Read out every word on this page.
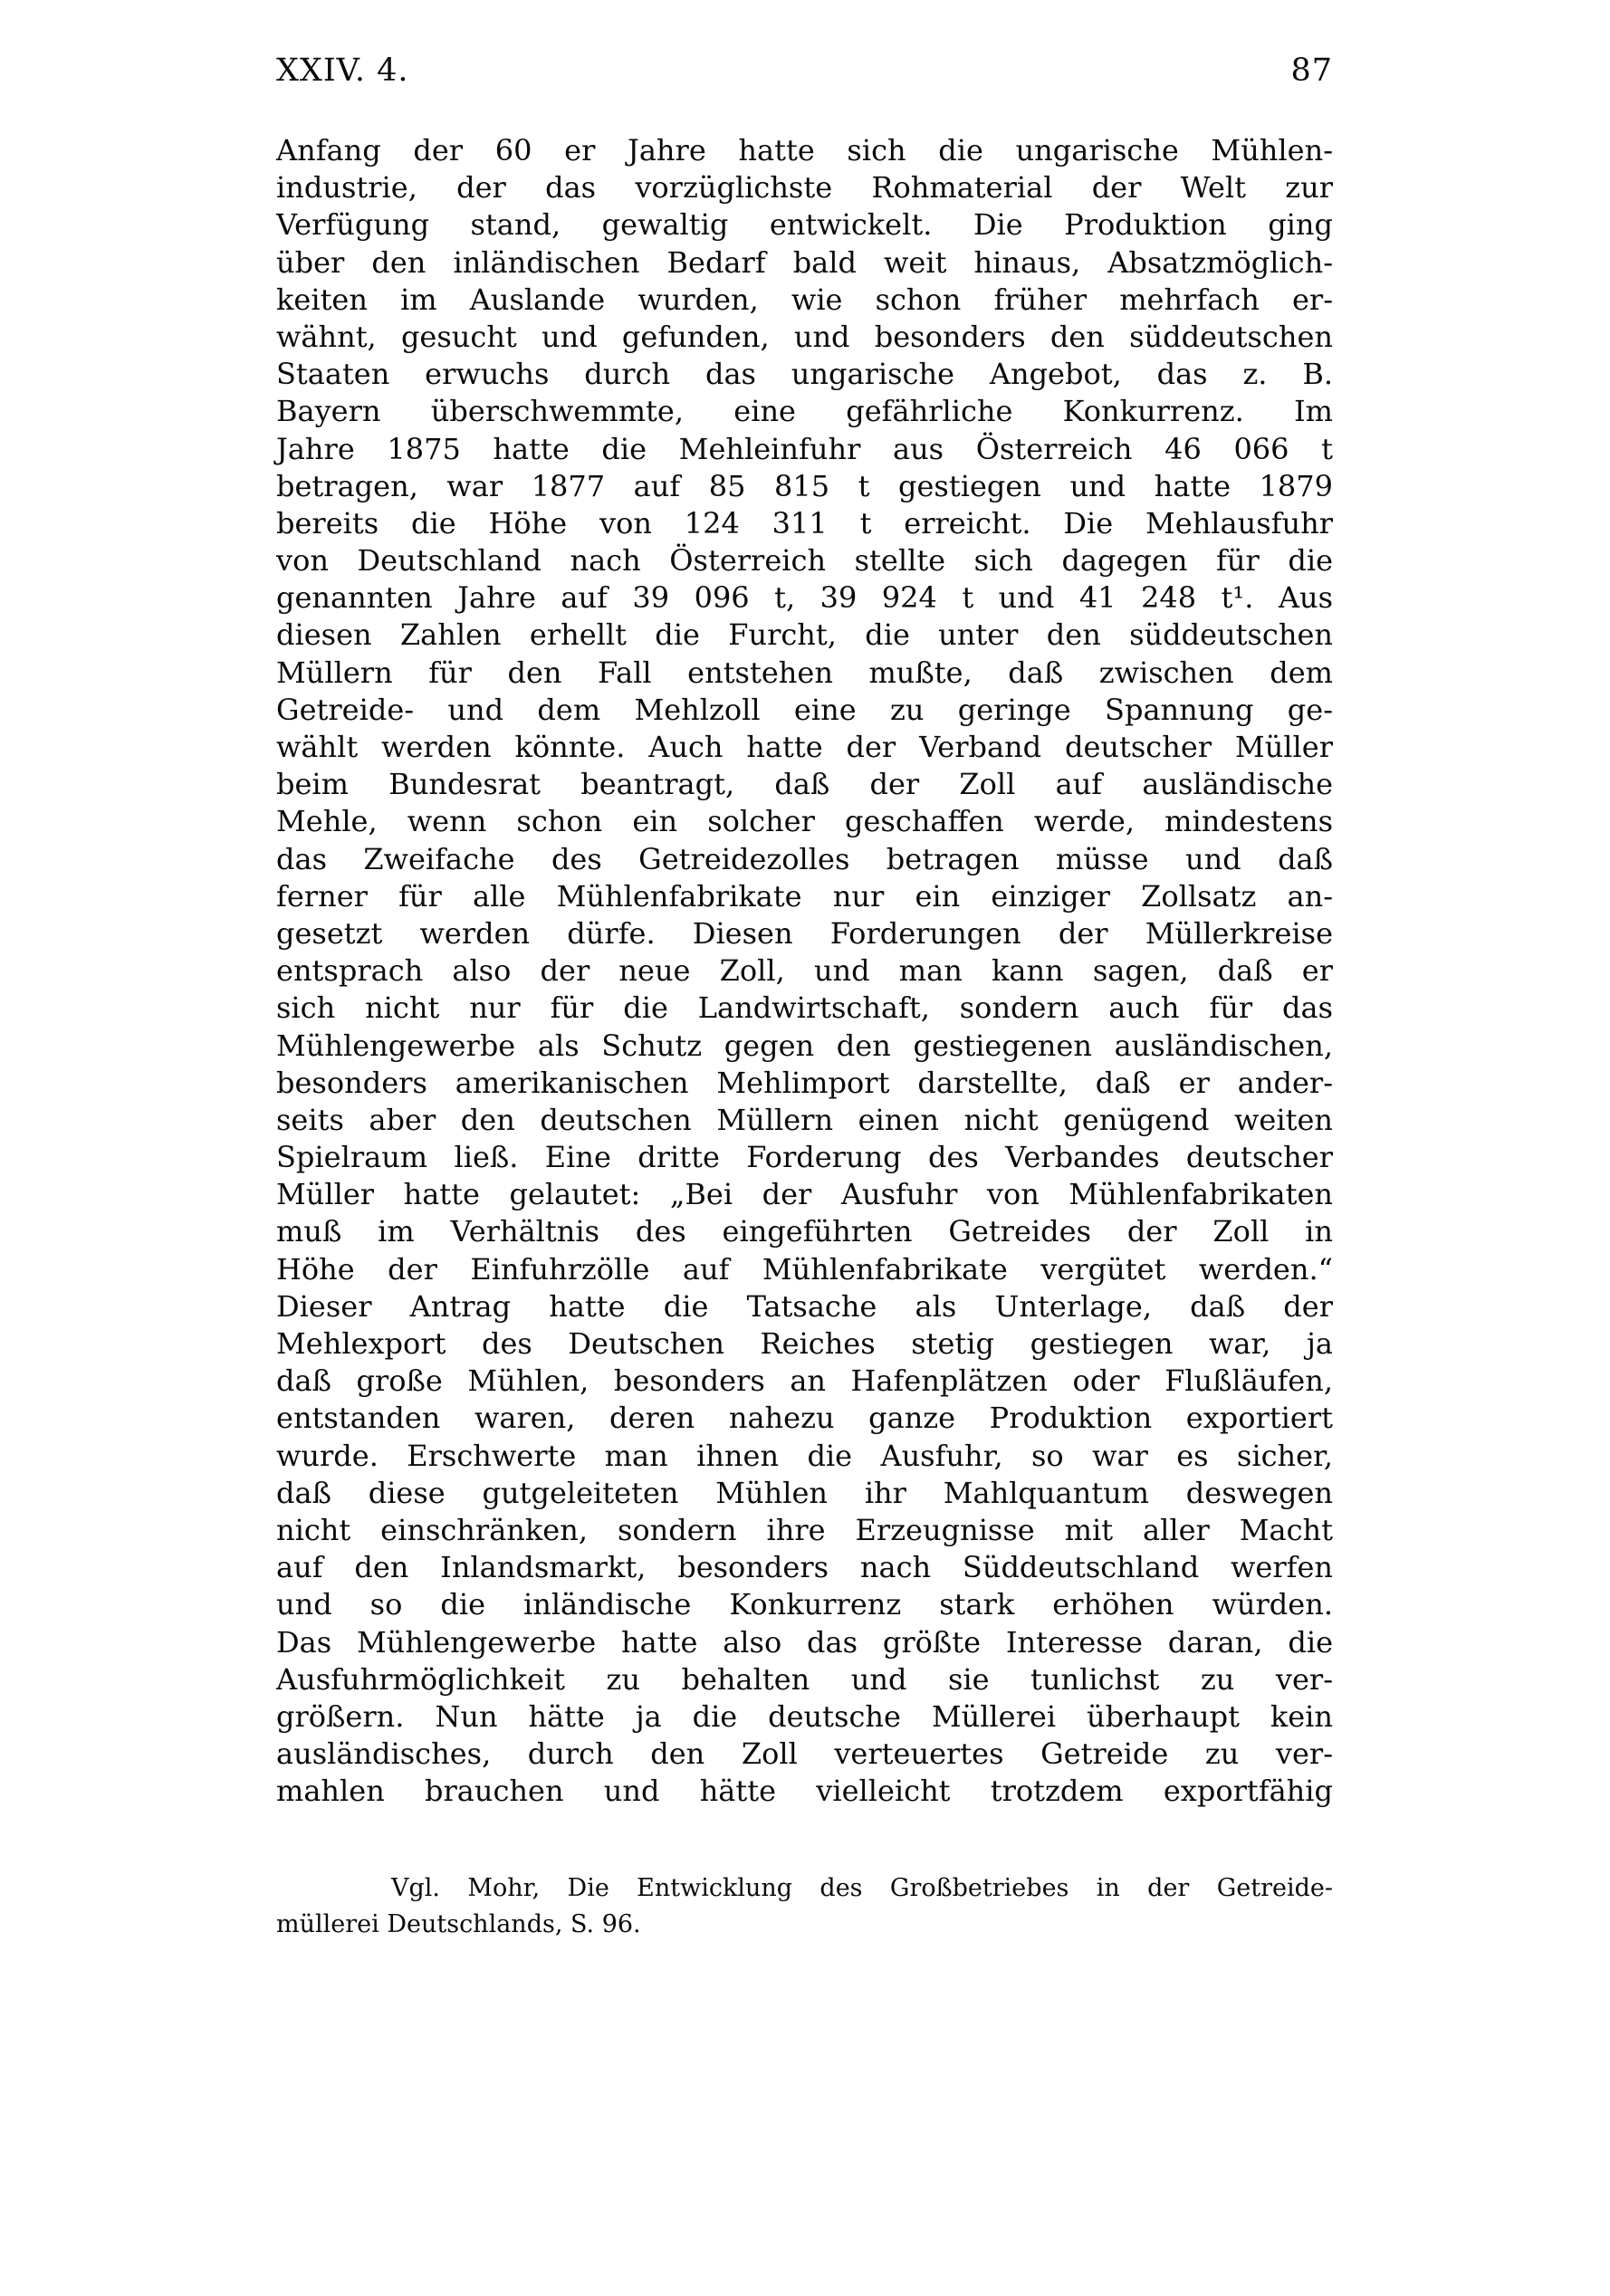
XXIV. 4.	87
Anfang der 60 er Jahre hatte sich die ungarische Mühlen-
industrie, der das vorzüglichste Rohmaterial der Welt zur
Verfügung stand, gewaltig entwickelt. Die Produktion ging
über den inländischen Bedarf bald weit hinaus, Absatzmöglich-
keiten im Auslande wurden, wie schon früher mehrfach er-
wähnt, gesucht und gefunden, und besonders den süddeutschen
Staaten erwuchs durch das ungarische Angebot, das z. B.
Bayern überschwemmte, eine gefährliche Konkurrenz. Im
Jahre 1875 hatte die Mehleinfuhr aus Österreich 46 066 t
betragen, war 1877 auf 85 815 t gestiegen und hatte 1879
bereits die Höhe von 124 311 t erreicht. Die Mehlausfuhr
von Deutschland nach Österreich stellte sich dagegen für die
genannten Jahre auf 39 096 t, 39 924 t und 41 248 t¹. Aus
diesen Zahlen erhellt die Furcht, die unter den süddeutschen
Müllern für den Fall entstehen mußte, daß zwischen dem
Getreide- und dem Mehlzoll eine zu geringe Spannung ge-
wählt werden könnte. Auch hatte der Verband deutscher Müller
beim Bundesrat beantragt, daß der Zoll auf ausländische
Mehle, wenn schon ein solcher geschaffen werde, mindestens
das Zweifache des Getreidezolles betragen müsse und daß
ferner für alle Mühlenfabrikate nur ein einziger Zollsatz an-
gesetzt werden dürfe. Diesen Forderungen der Müllerkreise
entsprach also der neue Zoll, und man kann sagen, daß er
sich nicht nur für die Landwirtschaft, sondern auch für das
Mühlengewerbe als Schutz gegen den gestiegenen ausländischen,
besonders amerikanischen Mehlimport darstellte, daß er ander-
seits aber den deutschen Müllern einen nicht genügend weiten
Spielraum ließ. Eine dritte Forderung des Verbandes deutscher
Müller hatte gelautet: „Bei der Ausfuhr von Mühlenfabrikaten
muß im Verhältnis des eingeführten Getreides der Zoll in
Höhe der Einfuhrzölle auf Mühlenfabrikate vergütet werden.“
Dieser Antrag hatte die Tatsache als Unterlage, daß der
Mehlexport des Deutschen Reiches stetig gestiegen war, ja
daß große Mühlen, besonders an Hafenplätzen oder Flußläufen,
entstanden waren, deren nahezu ganze Produktion exportiert
wurde. Erschwerte man ihnen die Ausfuhr, so war es sicher,
daß diese gutgeleiteten Mühlen ihr Mahlquantum deswegen
nicht einschränken, sondern ihre Erzeugnisse mit aller Macht
auf den Inlandsmarkt, besonders nach Süddeutschland werfen
und so die inländische Konkurrenz stark erhöhen würden.
Das Mühlengewerbe hatte also das größte Interesse daran, die
Ausfuhrmöglichkeit zu behalten und sie tunlichst zu ver-
größern. Nun hätte ja die deutsche Müllerei überhaupt kein
ausländisches, durch den Zoll verteuertes Getreide zu ver-
mahlen brauchen und hätte vielleicht trotzdem exportfähig
Vgl. Mohr, Die Entwicklung des Großbetriebes in der Getreide-
müllerei Deutschlands, S. 96.
